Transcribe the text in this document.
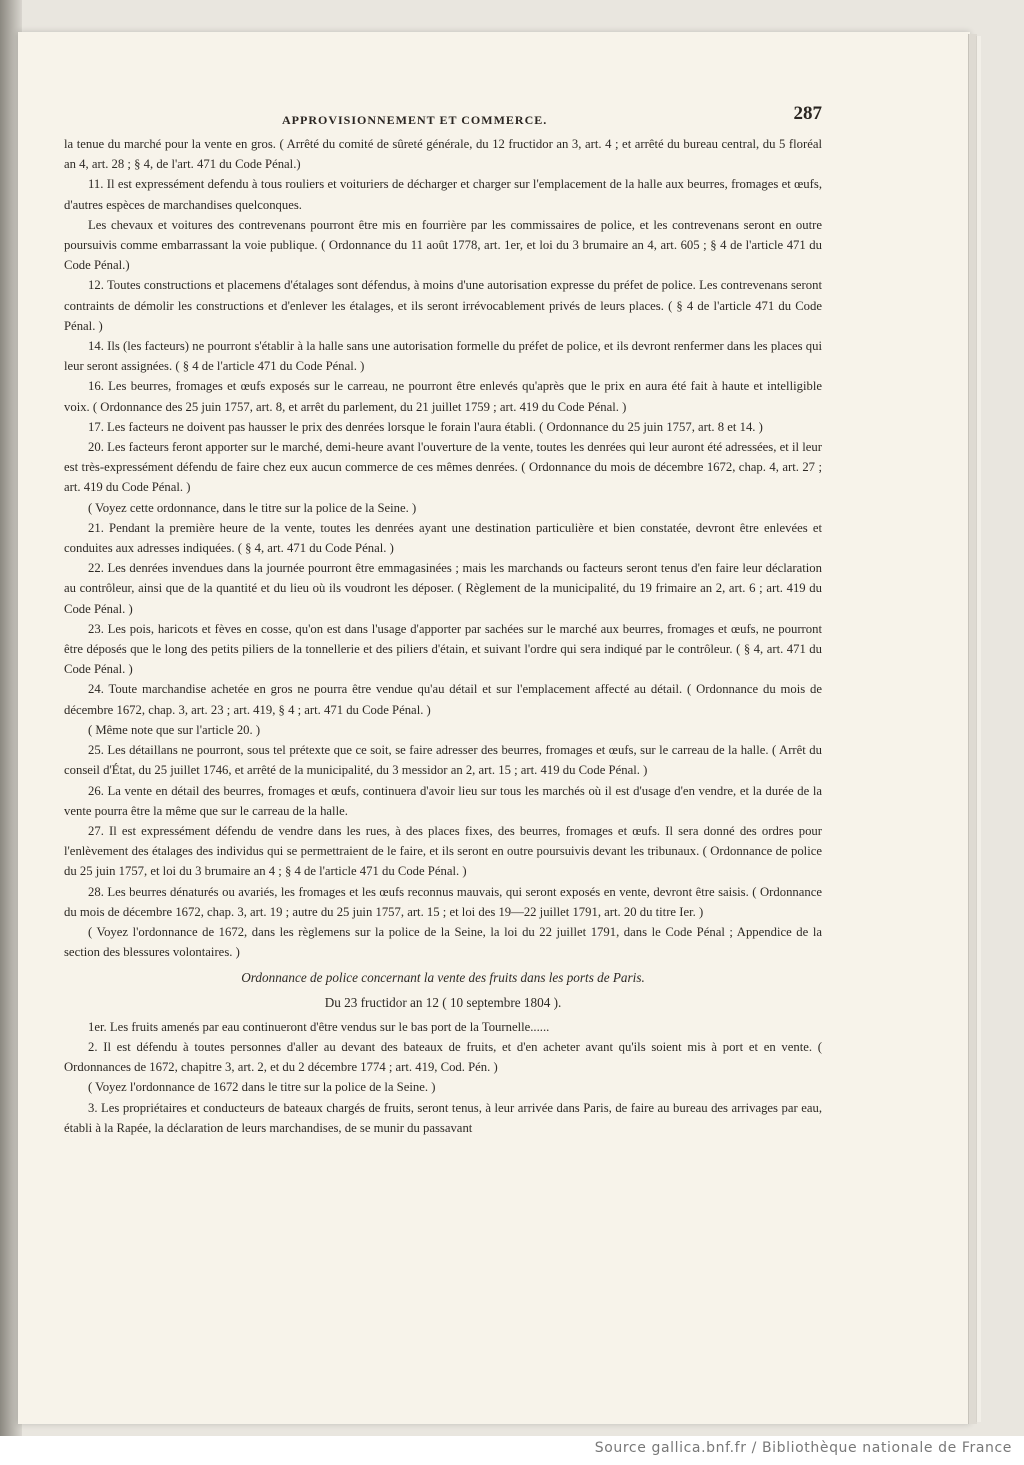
APPROVISIONNEMENT ET COMMERCE.	287

la tenue du marché pour la vente en gros. ( Arrêté du comité de sûreté générale, du 12 fructidor an 3, art. 4 ; et arrêté du bureau central, du 5 floréal an 4, art. 28 ; § 4, de l'art. 471 du Code Pénal.)

11. Il est expressément defendu à tous rouliers et voituriers de décharger et charger sur l'emplacement de la halle aux beurres, fromages et œufs, d'autres espèces de marchandises quelconques.

Les chevaux et voitures des contrevenans pourront être mis en fourrière par les commissaires de police, et les contrevenans seront en outre poursuivis comme embarrassant la voie publique. ( Ordonnance du 11 août 1778, art. 1er, et loi du 3 brumaire an 4, art. 605 ; § 4 de l'article 471 du Code Pénal.)

12. Toutes constructions et placemens d'étalages sont défendus, à moins d'une autorisation expresse du préfet de police. Les contrevenans seront contraints de démolir les constructions et d'enlever les étalages, et ils seront irrévocablement privés de leurs places. ( § 4 de l'article 471 du Code Pénal. )

14. Ils (les facteurs) ne pourront s'établir à la halle sans une autorisation formelle du préfet de police, et ils devront renfermer dans les places qui leur seront assignées. ( § 4 de l'article 471 du Code Pénal. )

16. Les beurres, fromages et œufs exposés sur le carreau, ne pourront être enlevés qu'après que le prix en aura été fait à haute et intelligible voix. ( Ordonnance des 25 juin 1757, art. 8, et arrêt du parlement, du 21 juillet 1759 ; art. 419 du Code Pénal. )

17. Les facteurs ne doivent pas hausser le prix des denrées lorsque le forain l'aura établi. ( Ordonnance du 25 juin 1757, art. 8 et 14. )

20. Les facteurs feront apporter sur le marché, demi-heure avant l'ouverture de la vente, toutes les denrées qui leur auront été adressées, et il leur est très-expressément défendu de faire chez eux aucun commerce de ces mêmes denrées. ( Ordonnance du mois de décembre 1672, chap. 4, art. 27 ; art. 419 du Code Pénal. )

( Voyez cette ordonnance, dans le titre sur la police de la Seine. )

21. Pendant la première heure de la vente, toutes les denrées ayant une destination particulière et bien constatée, devront être enlevées et conduites aux adresses indiquées. ( § 4, art. 471 du Code Pénal. )

22. Les denrées invendues dans la journée pourront être emmagasinées ; mais les marchands ou facteurs seront tenus d'en faire leur déclaration au contrôleur, ainsi que de la quantité et du lieu où ils voudront les déposer. ( Règlement de la municipalité, du 19 frimaire an 2, art. 6 ; art. 419 du Code Pénal. )

23. Les pois, haricots et fèves en cosse, qu'on est dans l'usage d'apporter par sachées sur le marché aux beurres, fromages et œufs, ne pourront être déposés que le long des petits piliers de la tonnellerie et des piliers d'étain, et suivant l'ordre qui sera indiqué par le contrôleur. ( § 4, art. 471 du Code Pénal. )

24. Toute marchandise achetée en gros ne pourra être vendue qu'au détail et sur l'emplacement affecté au détail. ( Ordonnance du mois de décembre 1672, chap. 3, art. 23 ; art. 419, § 4 ; art. 471 du Code Pénal. )

( Même note que sur l'article 20. )

25. Les détaillans ne pourront, sous tel prétexte que ce soit, se faire adresser des beurres, fromages et œufs, sur le carreau de la halle. ( Arrêt du conseil d'État, du 25 juillet 1746, et arrêté de la municipalité, du 3 messidor an 2, art. 15 ; art. 419 du Code Pénal. )

26. La vente en détail des beurres, fromages et œufs, continuera d'avoir lieu sur tous les marchés où il est d'usage d'en vendre, et la durée de la vente pourra être la même que sur le carreau de la halle.

27. Il est expressément défendu de vendre dans les rues, à des places fixes, des beurres, fromages et œufs. Il sera donné des ordres pour l'enlèvement des étalages des individus qui se permettraient de le faire, et ils seront en outre poursuivis devant les tribunaux. ( Ordonnance de police du 25 juin 1757, et loi du 3 brumaire an 4 ; § 4 de l'article 471 du Code Pénal. )

28. Les beurres dénaturés ou avariés, les fromages et les œufs reconnus mauvais, qui seront exposés en vente, devront être saisis. ( Ordonnance du mois de décembre 1672, chap. 3, art. 19 ; autre du 25 juin 1757, art. 15 ; et loi des 19—22 juillet 1791, art. 20 du titre Ier. )

( Voyez l'ordonnance de 1672, dans les règlemens sur la police de la Seine, la loi du 22 juillet 1791, dans le Code Pénal ; Appendice de la section des blessures volontaires. )

Ordonnance de police concernant la vente des fruits dans les ports de Paris.
Du 23 fructidor an 12 ( 10 septembre 1804 ).

1er. Les fruits amenés par eau continueront d'être vendus sur le bas port de la Tournelle......

2. Il est défendu à toutes personnes d'aller au devant des bateaux de fruits, et d'en acheter avant qu'ils soient mis à port et en vente. ( Ordonnances de 1672, chapitre 3, art. 2, et du 2 décembre 1774 ; art. 419, Cod. Pén. )

( Voyez l'ordonnance de 1672 dans le titre sur la police de la Seine. )

3. Les propriétaires et conducteurs de bateaux chargés de fruits, seront tenus, à leur arrivée dans Paris, de faire au bureau des arrivages par eau, établi à la Rapée, la déclaration de leurs marchandises, de se munir du passavant

Source gallica.bnf.fr / Bibliothèque nationale de France
